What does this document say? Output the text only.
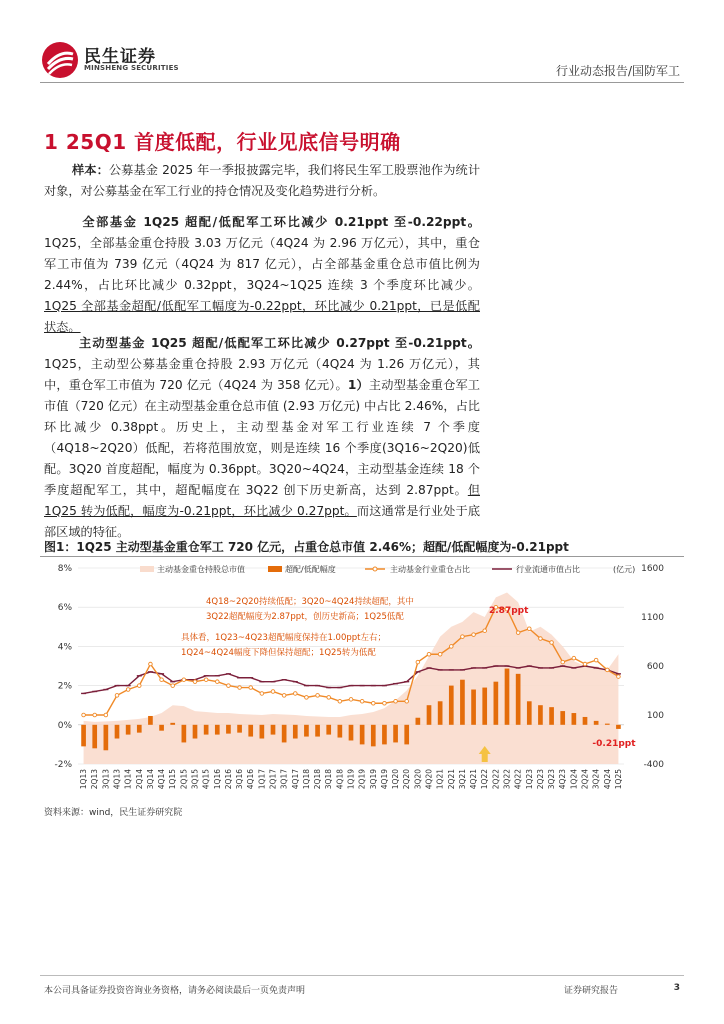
民生证券
MINSHENG SECURITIES	行业动态报告/国防军工
1 25Q1 首度低配，行业见底信号明确
样本：公募基金 2025 年一季报披露完毕，我们将民生军工股票池作为统计对象，对公募基金在军工行业的持仓情况及变化趋势进行分析。
全部基金 1Q25 超配/低配军工环比减少 0.21ppt 至-0.22ppt。1Q25，全部基金重仓持股 3.03 万亿元（4Q24 为 2.96 万亿元），其中，重仓军工市值为 739 亿元（4Q24 为 817 亿元），占全部基金重仓总市值比例为 2.44%，占比环比减少 0.32ppt，3Q24~1Q25 连续 3 个季度环比减少。1Q25 全部基金超配/低配军工幅度为-0.22ppt，环比减少 0.21ppt，已是低配状态。
主动型基金 1Q25 超配/低配军工环比减少 0.27ppt 至-0.21ppt。1Q25，主动型公募基金重仓持股 2.93 万亿元（4Q24 为 1.26 万亿元），其中，重仓军工市值为 720 亿元（4Q24 为 358 亿元）。1）主动型基金重仓军工市值（720 亿元）在主动型基金重仓总市值 (2.93 万亿元) 中占比 2.46%，占比环比减少 0.38ppt。历史上，主动型基金对军工行业连续 7 个季度（4Q18~2Q20）低配，若将范围放宽，则是连续 16 个季度(3Q16~2Q20)低配。3Q20 首度超配，幅度为 0.36ppt。3Q20~4Q24，主动型基金连续 18 个季度超配军工，其中，超配幅度在 3Q22 创下历史新高，达到 2.87ppt。但 1Q25 转为低配，幅度为-0.21ppt，环比减少 0.27ppt。而这通常是行业处于底部区域的特征。
图1：1Q25 主动型基金重仓军工 720 亿元，占重仓总市值 2.46%；超配/低配幅度为-0.21ppt
-2%
0%
2%
4%
6%
8%
-400
100
600
1100
1600
1Q13 2Q13 3Q13 4Q13 1Q14 2Q14 3Q14 4Q14 1Q15 2Q15 3Q15 4Q15 1Q16 2Q16 3Q16 4Q16 1Q17 2Q17 3Q17 4Q17 1Q18 2Q18 3Q18 4Q18 1Q19 2Q19 3Q19 4Q19 1Q20 2Q20 3Q20 4Q20 1Q21 2Q21 3Q21 4Q21 1Q22 2Q22 3Q22 4Q22 1Q23 2Q23 3Q23 4Q23 1Q24 2Q24 3Q24 4Q24 1Q25
主动基金重仓持股总市值	超配/低配幅度	主动基金行业重仓占比	行业流通市值占比	(亿元)
4Q18~2Q20持续低配；3Q20~4Q24持续超配，其中
3Q22超配幅度为2.87ppt，创历史新高；1Q25低配
具体看，1Q23~4Q23超配幅度保持在1.00ppt左右；
1Q24~4Q24幅度下降但保持超配；1Q25转为低配
2.87ppt
-0.21ppt
资料来源：wind，民生证券研究院
本公司具备证券投资咨询业务资格，请务必阅读最后一页免责声明	证券研究报告	3
